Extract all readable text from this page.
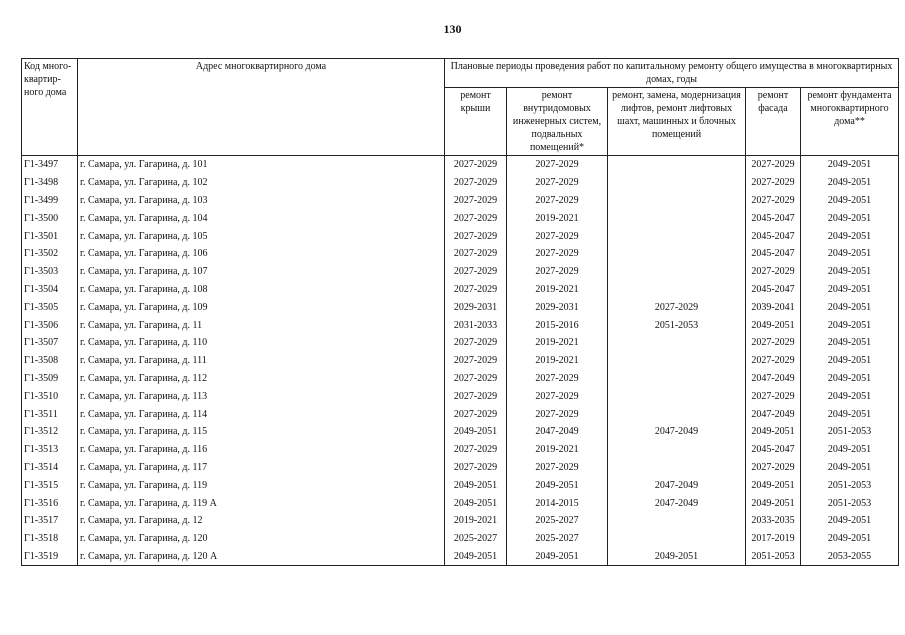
130
Код много-квартир-ного дома	Адрес многоквартирного дома	Плановые периоды проведения работ по капитальному ремонту общего имущества в многоквартирных домах, годы				
		ремонт крыши	ремонт внутридомовых инженерных систем, подвальных помещений*	ремонт, замена, модернизация лифтов, ремонт лифтовых шахт, машинных и блочных помещений	ремонт фасада	ремонт фундамента многоквартирного дома**
Г1-3497	г. Самара, ул. Гагарина, д. 101	2027-2029	2027-2029		2027-2029	2049-2051
Г1-3498	г. Самара, ул. Гагарина, д. 102	2027-2029	2027-2029		2027-2029	2049-2051
Г1-3499	г. Самара, ул. Гагарина, д. 103	2027-2029	2027-2029		2027-2029	2049-2051
Г1-3500	г. Самара, ул. Гагарина, д. 104	2027-2029	2019-2021		2045-2047	2049-2051
Г1-3501	г. Самара, ул. Гагарина, д. 105	2027-2029	2027-2029		2045-2047	2049-2051
Г1-3502	г. Самара, ул. Гагарина, д. 106	2027-2029	2027-2029		2045-2047	2049-2051
Г1-3503	г. Самара, ул. Гагарина, д. 107	2027-2029	2027-2029		2027-2029	2049-2051
Г1-3504	г. Самара, ул. Гагарина, д. 108	2027-2029	2019-2021		2045-2047	2049-2051
Г1-3505	г. Самара, ул. Гагарина, д. 109	2029-2031	2029-2031	2027-2029	2039-2041	2049-2051
Г1-3506	г. Самара, ул. Гагарина, д. 11	2031-2033	2015-2016	2051-2053	2049-2051	2049-2051
Г1-3507	г. Самара, ул. Гагарина, д. 110	2027-2029	2019-2021		2027-2029	2049-2051
Г1-3508	г. Самара, ул. Гагарина, д. 111	2027-2029	2019-2021		2027-2029	2049-2051
Г1-3509	г. Самара, ул. Гагарина, д. 112	2027-2029	2027-2029		2047-2049	2049-2051
Г1-3510	г. Самара, ул. Гагарина, д. 113	2027-2029	2027-2029		2027-2029	2049-2051
Г1-3511	г. Самара, ул. Гагарина, д. 114	2027-2029	2027-2029		2047-2049	2049-2051
Г1-3512	г. Самара, ул. Гагарина, д. 115	2049-2051	2047-2049	2047-2049	2049-2051	2051-2053
Г1-3513	г. Самара, ул. Гагарина, д. 116	2027-2029	2019-2021		2045-2047	2049-2051
Г1-3514	г. Самара, ул. Гагарина, д. 117	2027-2029	2027-2029		2027-2029	2049-2051
Г1-3515	г. Самара, ул. Гагарина, д. 119	2049-2051	2049-2051	2047-2049	2049-2051	2051-2053
Г1-3516	г. Самара, ул. Гагарина, д. 119 А	2049-2051	2014-2015	2047-2049	2049-2051	2051-2053
Г1-3517	г. Самара, ул. Гагарина, д. 12	2019-2021	2025-2027		2033-2035	2049-2051
Г1-3518	г. Самара, ул. Гагарина, д. 120	2025-2027	2025-2027		2017-2019	2049-2051
Г1-3519	г. Самара, ул. Гагарина, д. 120 А	2049-2051	2049-2051	2049-2051	2051-2053	2053-2055
